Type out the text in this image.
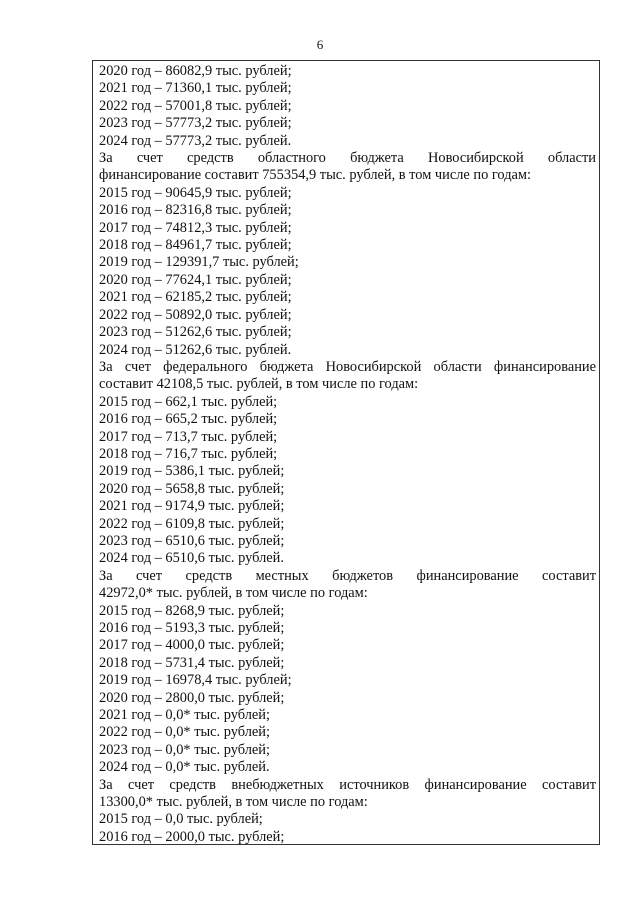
6
2020 год – 86082,9 тыс. рублей;
2021 год – 71360,1 тыс. рублей;
2022 год – 57001,8 тыс. рублей;
2023 год – 57773,2 тыс. рублей;
2024 год – 57773,2 тыс. рублей.
За счет средств областного бюджета Новосибирской области
финансирование составит 755354,9 тыс. рублей, в том числе по годам:
2015 год – 90645,9 тыс. рублей;
2016 год – 82316,8 тыс. рублей;
2017 год – 74812,3 тыс. рублей;
2018 год – 84961,7 тыс. рублей;
2019 год – 129391,7 тыс. рублей;
2020 год – 77624,1 тыс. рублей;
2021 год – 62185,2 тыс. рублей;
2022 год – 50892,0 тыс. рублей;
2023 год – 51262,6 тыс. рублей;
2024 год – 51262,6 тыс. рублей.
За счет федерального бюджета Новосибирской области финансирование
составит 42108,5 тыс. рублей, в том числе по годам:
2015 год – 662,1 тыс. рублей;
2016 год – 665,2 тыс. рублей;
2017 год – 713,7 тыс. рублей;
2018 год – 716,7 тыс. рублей;
2019 год – 5386,1 тыс. рублей;
2020 год – 5658,8 тыс. рублей;
2021 год – 9174,9 тыс. рублей;
2022 год – 6109,8 тыс. рублей;
2023 год – 6510,6 тыс. рублей;
2024 год – 6510,6 тыс. рублей.
За счет средств местных бюджетов финансирование составит
42972,0* тыс. рублей, в том числе по годам:
2015 год – 8268,9 тыс. рублей;
2016 год – 5193,3 тыс. рублей;
2017 год – 4000,0 тыс. рублей;
2018 год – 5731,4 тыс. рублей;
2019 год – 16978,4 тыс. рублей;
2020 год – 2800,0 тыс. рублей;
2021 год – 0,0* тыс. рублей;
2022 год – 0,0* тыс. рублей;
2023 год – 0,0* тыс. рублей;
2024 год – 0,0* тыс. рублей.
За счет средств внебюджетных источников финансирование составит
13300,0* тыс. рублей, в том числе по годам:
2015 год – 0,0 тыс. рублей;
2016 год – 2000,0 тыс. рублей;
